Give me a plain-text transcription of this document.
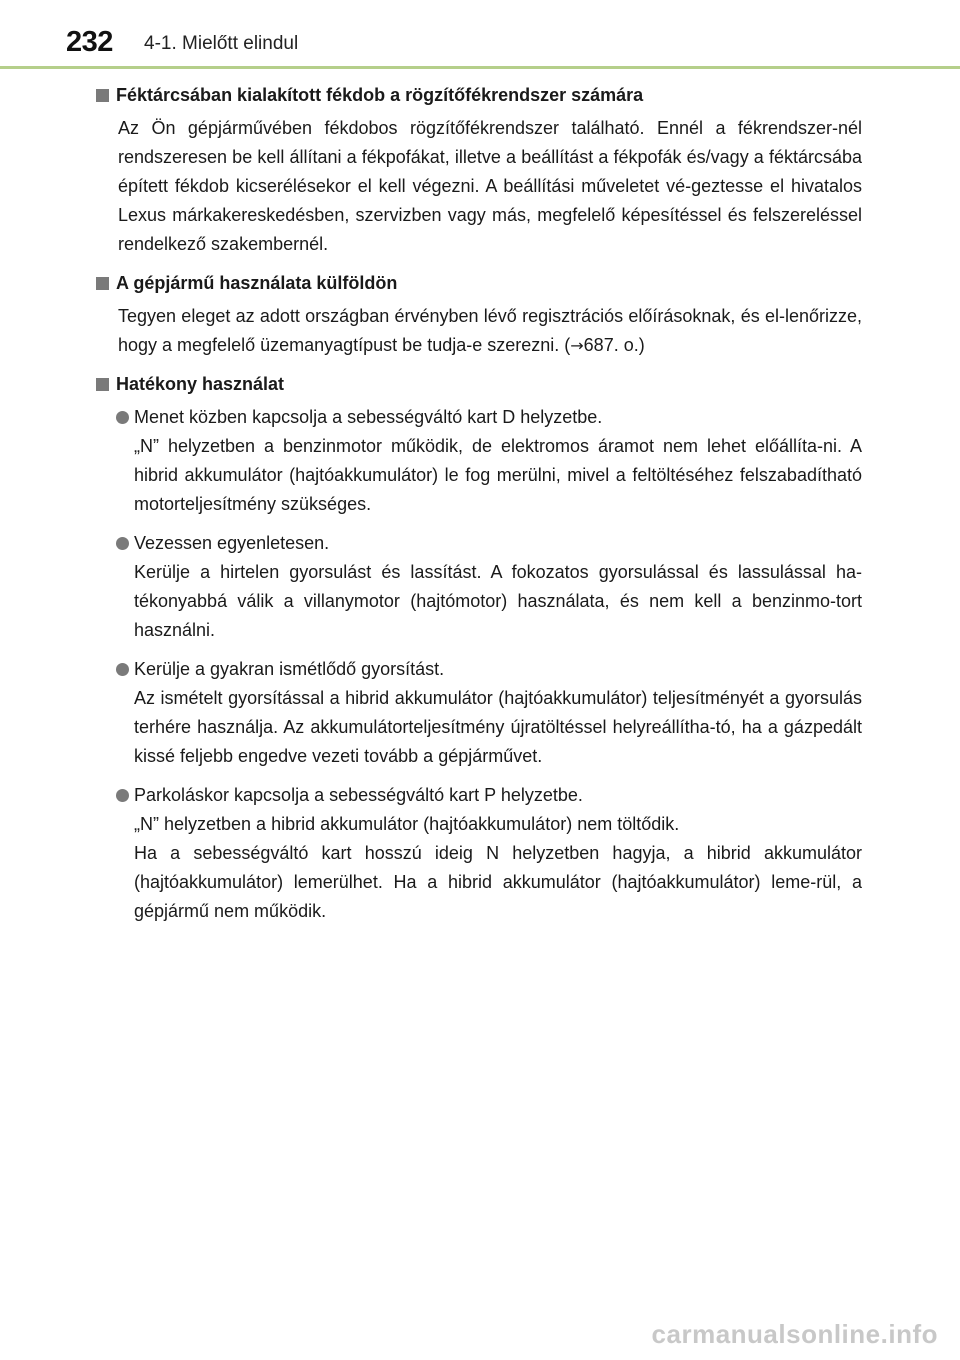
232 4-1. Mielőtt elindul
Féktárcsában kialakított fékdob a rögzítőfékrendszer számára

Az Ön gépjárművében fékdobos rögzítőfékrendszer található. Ennél a fékrendszer-nél rendszeresen be kell állítani a fékpofákat, illetve a beállítást a fékpofák és/vagy a féktárcsába épített fékdob kicserélésekor el kell végezni. A beállítási műveletet vé-geztesse el hivatalos Lexus márkakereskedésben, szervizben vagy más, megfelelő képesítéssel és felszereléssel rendelkező szakembernél.

A gépjármű használata külföldön

Tegyen eleget az adott országban érvényben lévő regisztrációs előírásoknak, és el-lenőrizze, hogy a megfelelő üzemanyagtípust be tudja-e szerezni. (→687. o.)

Hatékony használat

Menet közben kapcsolja a sebességváltó kart D helyzetbe.

„N” helyzetben a benzinmotor működik, de elektromos áramot nem lehet előállíta-ni. A hibrid akkumulátor (hajtóakkumulátor) le fog merülni, mivel a feltöltéséhez felszabadítható motorteljesítmény szükséges.

Vezessen egyenletesen.

Kerülje a hirtelen gyorsulást és lassítást. A fokozatos gyorsulással és lassulással ha-tékonyabbá válik a villanymotor (hajtómotor) használata, és nem kell a benzinmo-tort használni.

Kerülje a gyakran ismétlődő gyorsítást.

Az ismételt gyorsítással a hibrid akkumulátor (hajtóakkumulátor) teljesítményét a gyorsulás terhére használja. Az akkumulátorteljesítmény újratöltéssel helyreállítha-tó, ha a gázpedált kissé feljebb engedve vezeti tovább a gépjárművet.

Parkoláskor kapcsolja a sebességváltó kart P helyzetbe.

„N” helyzetben a hibrid akkumulátor (hajtóakkumulátor) nem töltődik.

Ha a sebességváltó kart hosszú ideig N helyzetben hagyja, a hibrid akkumulátor (hajtóakkumulátor) lemerülhet. Ha a hibrid akkumulátor (hajtóakkumulátor) leme-rül, a gépjármű nem működik.

carmanualsonline.info
